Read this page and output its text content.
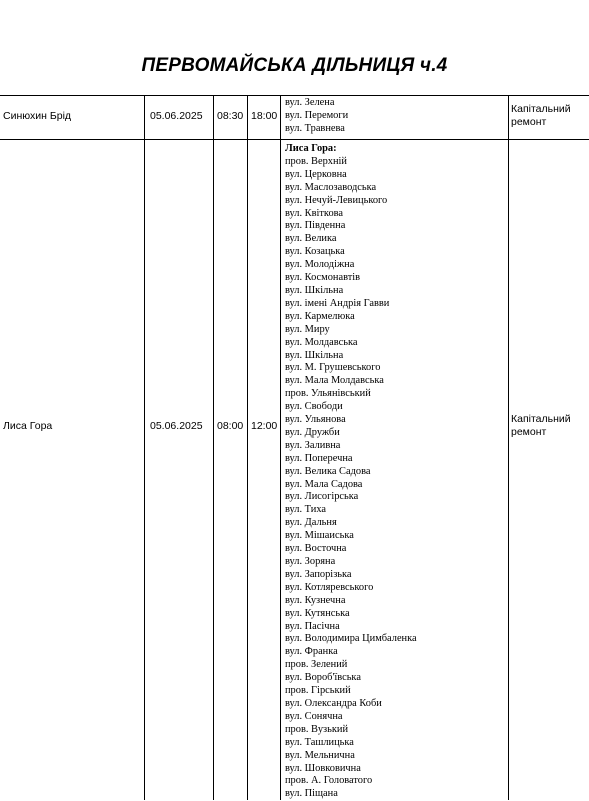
ПЕРВОМАЙСЬКА ДІЛЬНИЦЯ ч.4
Синюхин Брід	05.06.2025 08:30 18:00
вул. Зелена
вул. Перемоги
вул. Травнева
Капітальний ремонт
Лиса Гора	05.06.2025 08:00 12:00
Лиса Гора:
пров. Верхній
вул. Церковна
вул. Маслозаводська
вул. Нечуй-Левицького
вул. Квіткова
вул. Південна
вул. Велика
вул. Козацька
вул. Молодіжна
вул. Космонавтів
вул. Шкільна
вул. імені Андрія Гавви
вул. Кармелюка
вул. Миру
вул. Молдавська
вул. Шкільна
вул. М. Грушевського
вул. Мала Молдавська
пров. Ульянівський
вул. Свободи
вул. Ульянова
вул. Дружби
вул. Заливна
вул. Поперечна
вул. Велика Садова
вул. Мала Садова
вул. Лисогірська
вул. Тиха
вул. Дальня
вул. Мішаиська
вул. Восточна
вул. Зоряна
вул. Запорізька
вул. Котляревського
вул. Кузнечна
вул. Кутянська
вул. Пасічна
вул. Володимира Цимбаленка
вул. Франка
пров. Зелений
вул. Вороб'ївська
пров. Гірський
вул. Олександра Коби
вул. Сонячна
пров. Вузький
вул. Ташлицька
вул. Мельнична
вул. Шовковична
пров. А. Головатого
вул. Піщана
Капітальний ремонт
